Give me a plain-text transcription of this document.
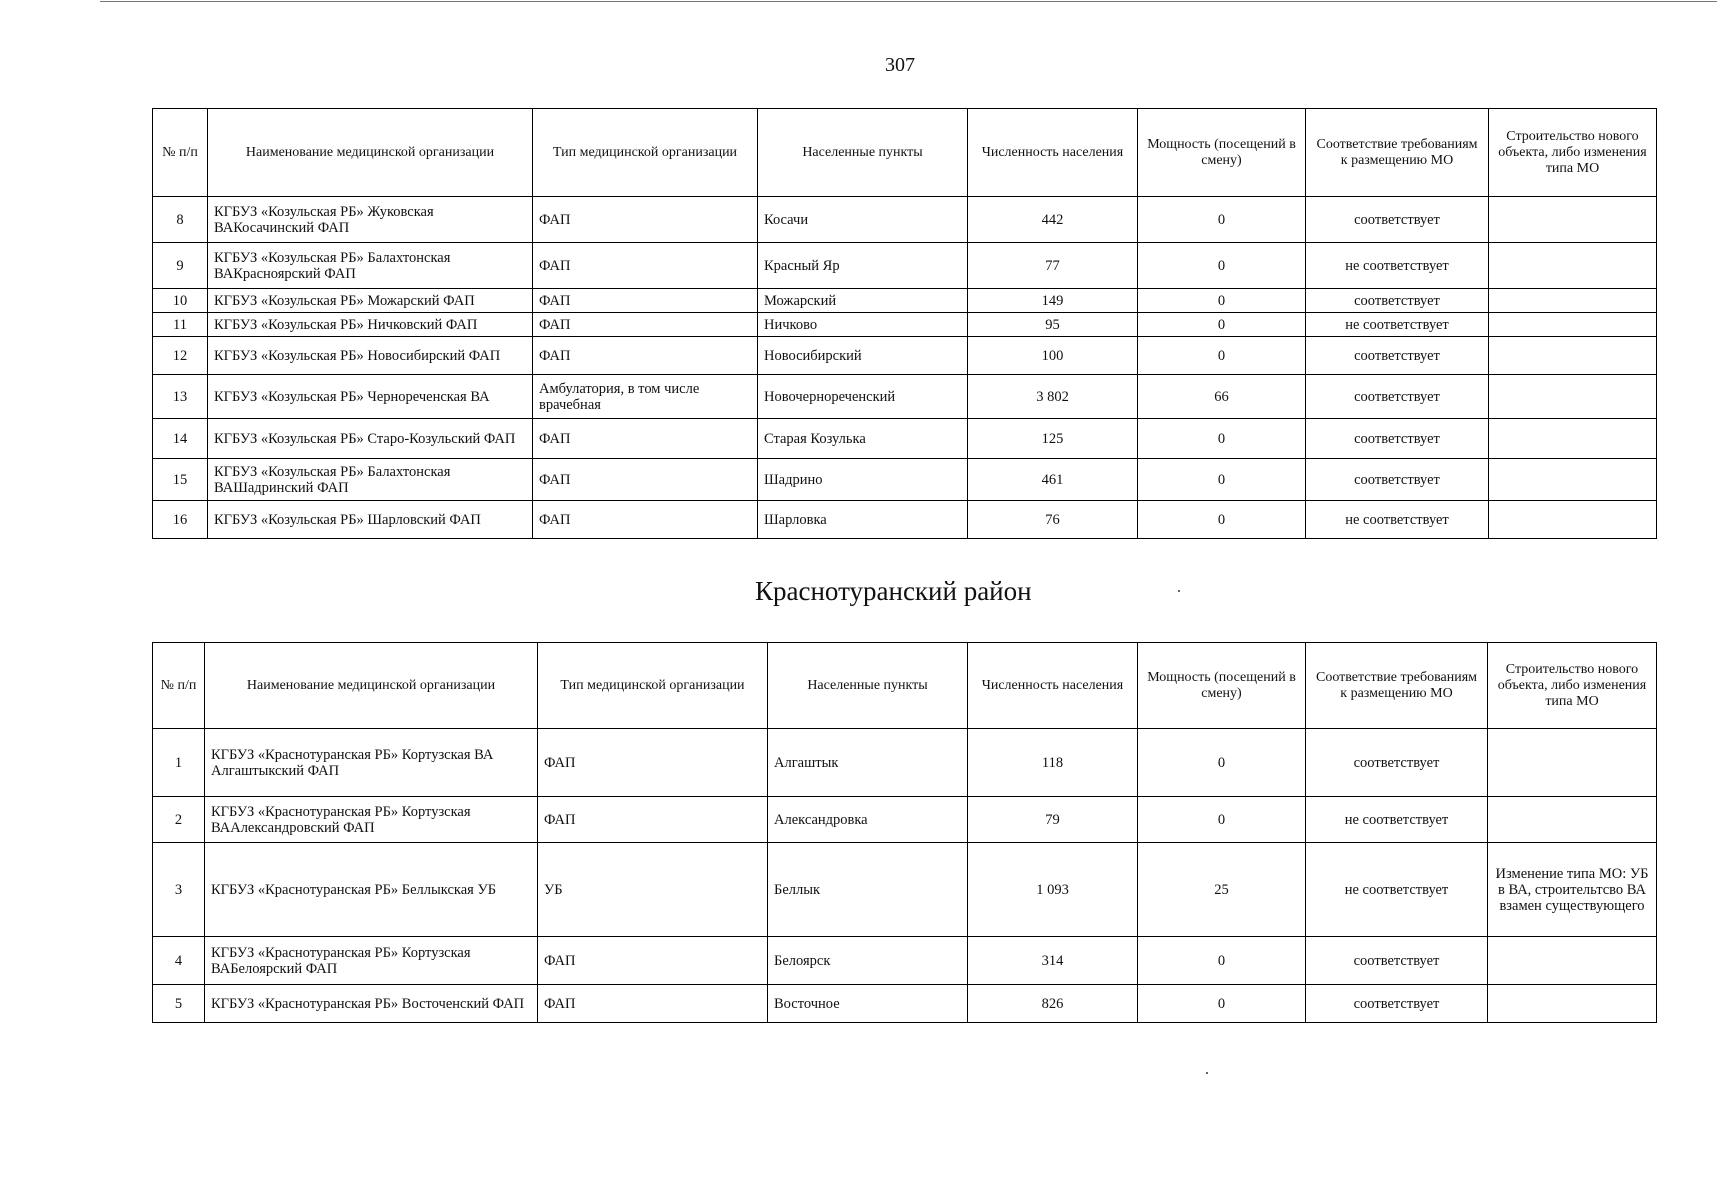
307
№ п/п	Наименование медицинской организации	Тип медицинской организации	Населенные пункты	Численность населения	Мощность (посещений в смену)	Соответствие требованиям к размещению МО	Строительство нового объекта, либо изменения типа МО
8	КГБУЗ «Козульская РБ» Жуковская ВАКосачинский ФАП	ФАП	Косачи	442	0	соответствует	
9	КГБУЗ «Козульская РБ» Балахтонская ВАКрасноярский ФАП	ФАП	Красный Яр	77	0	не соответствует	
10	КГБУЗ «Козульская РБ» Можарский ФАП	ФАП	Можарский	149	0	соответствует	
11	КГБУЗ «Козульская РБ» Ничковский ФАП	ФАП	Ничково	95	0	не соответствует	
12	КГБУЗ «Козульская РБ» Новосибирский ФАП	ФАП	Новосибирский	100	0	соответствует	
13	КГБУЗ «Козульская РБ» Чернореченская ВА	Амбулатория, в том числе врачебная	Новочернореченский	3 802	66	соответствует	
14	КГБУЗ «Козульская РБ» Старо-Козульский ФАП	ФАП	Старая Козулька	125	0	соответствует	
15	КГБУЗ «Козульская РБ» Балахтонская ВАШадринский ФАП	ФАП	Шадрино	461	0	соответствует	
16	КГБУЗ «Козульская РБ» Шарловский ФАП	ФАП	Шарловка	76	0	не соответствует	
Краснотуранский район
№ п/п	Наименование медицинской организации	Тип медицинской организации	Населенные пункты	Численность населения	Мощность (посещений в смену)	Соответствие требованиям к размещению МО	Строительство нового объекта, либо изменения типа МО
1	КГБУЗ «Краснотуранская РБ» Кортузская ВА Алгаштыкский ФАП	ФАП	Алгаштык	118	0	соответствует	
2	КГБУЗ «Краснотуранская РБ» Кортузская ВААлександровский ФАП	ФАП	Александровка	79	0	не соответствует	
3	КГБУЗ «Краснотуранская РБ» Беллыкская УБ	УБ	Беллык	1 093	25	не соответствует	Изменение типа МО: УБ в ВА, строительтсво ВА взамен существующего
4	КГБУЗ «Краснотуранская РБ» Кортузская ВАБелоярский ФАП	ФАП	Белоярск	314	0	соответствует	
5	КГБУЗ «Краснотуранская РБ» Восточенский ФАП	ФАП	Восточное	826	0	соответствует	
